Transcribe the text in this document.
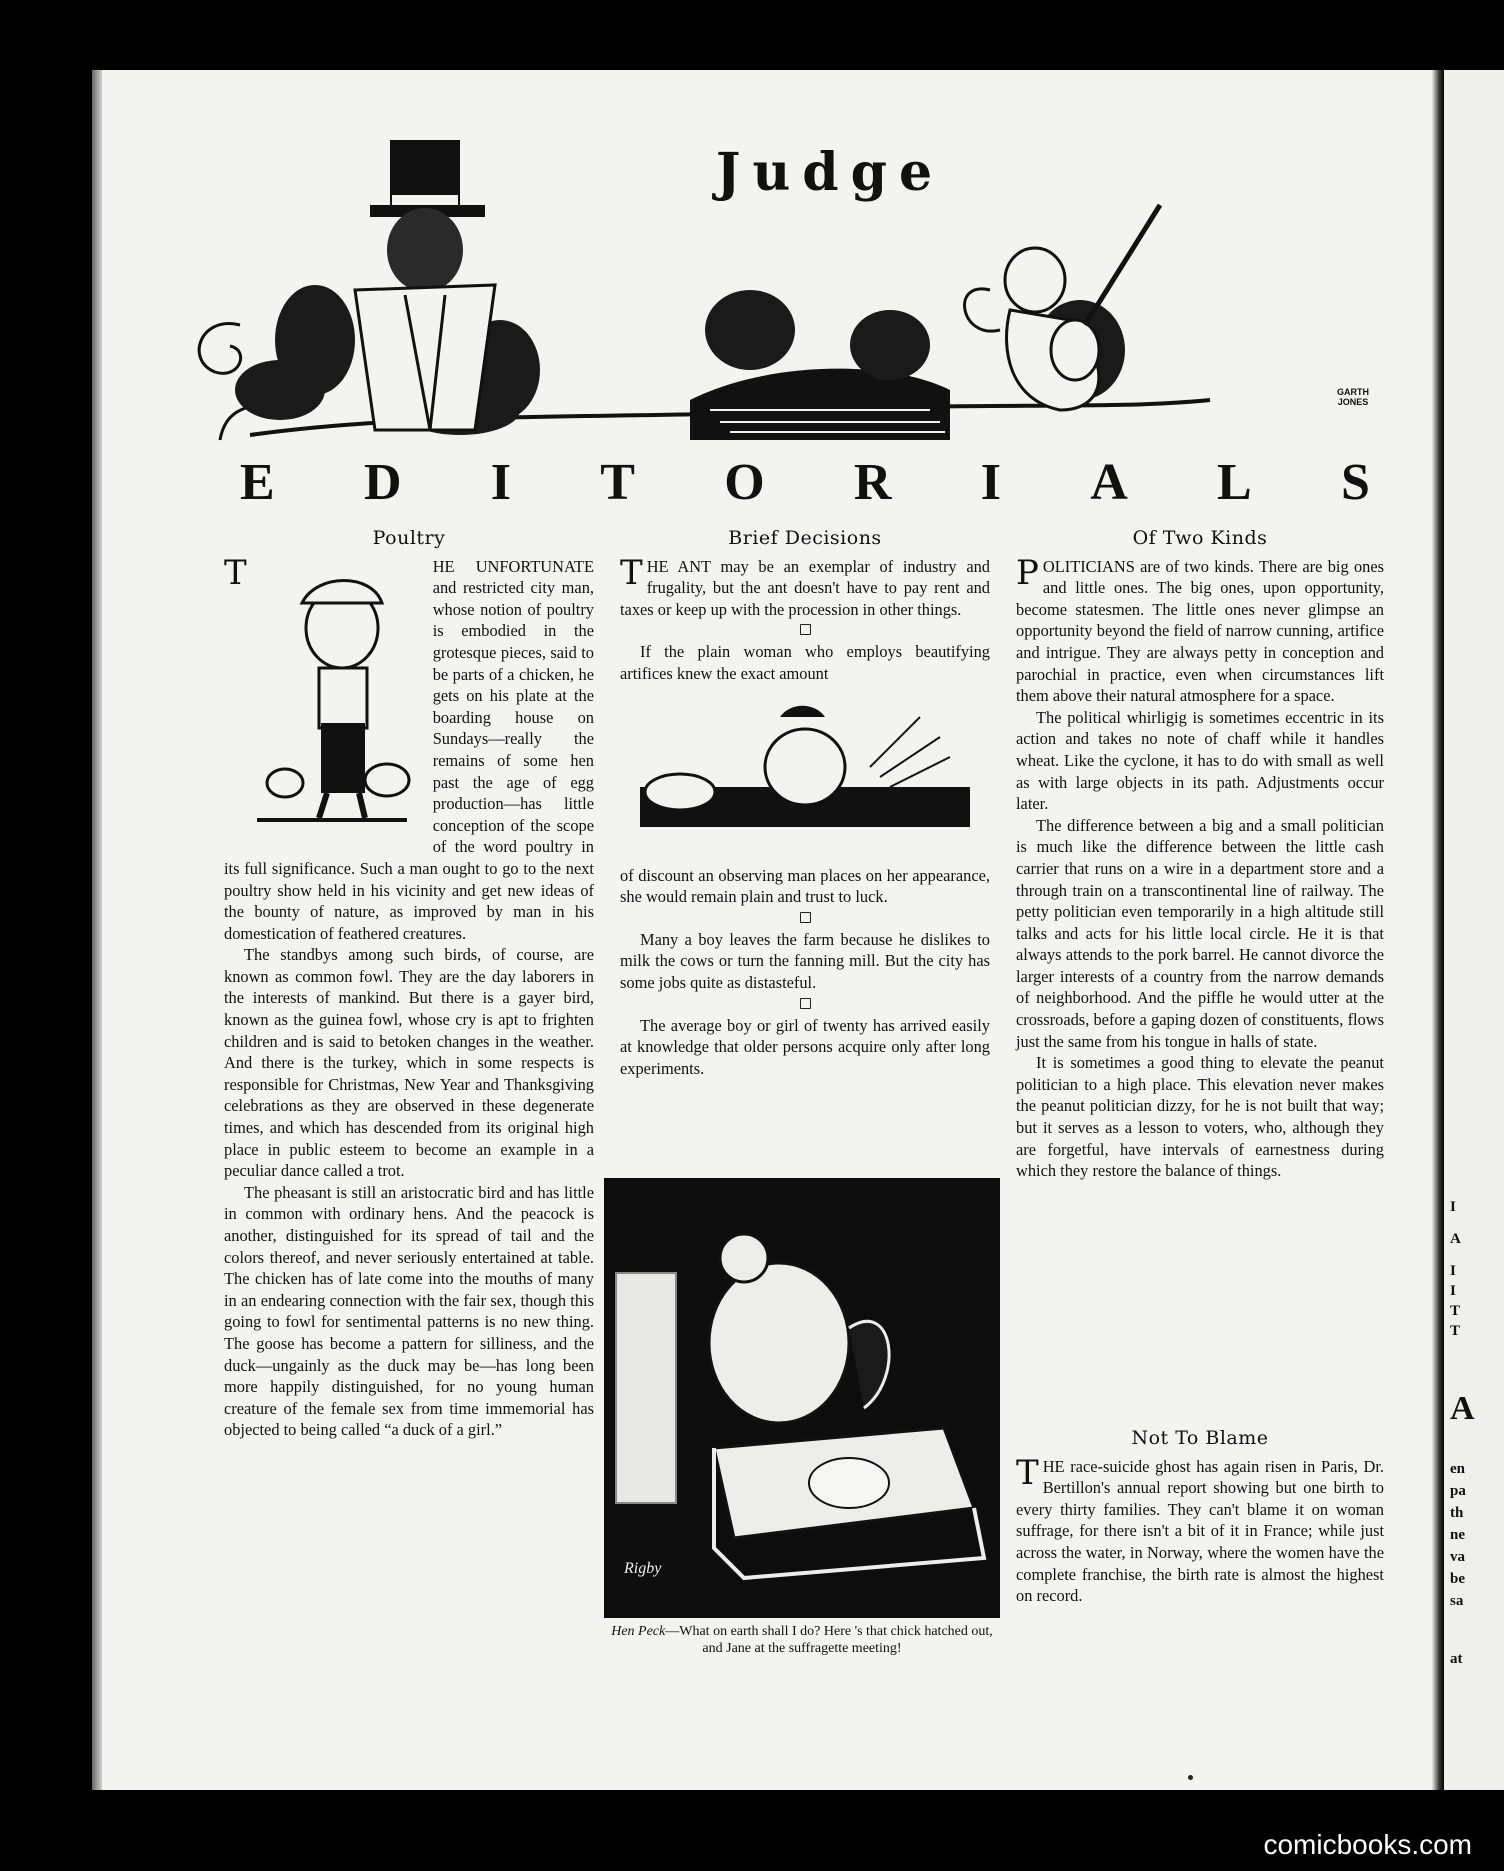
I
A
I
I
T
T
A
en
pa
th
ne
va
be
sa
at
Judge
GARTH JONES
E D I T O R I A L S
Poultry

T	HE UNFORTUNATE and restricted city man, whose notion of poultry is embodied in the grotesque pieces, said to be parts of a chicken, he gets on his plate at the boarding house on Sundays—really the remains of some hen past the age of egg production—has little conception of the scope of the word poultry in its full significance. Such a man ought to go to the next poultry show held in his vicinity and get new ideas of the bounty of nature, as improved by man in his domestication of feathered creatures.

The standbys among such birds, of course, are known as common fowl. They are the day laborers in the interests of mankind. But there is a gayer bird, known as the guinea fowl, whose cry is apt to frighten children and is said to betoken changes in the weather. And there is the turkey, which in some respects is responsible for Christmas, New Year and Thanksgiving celebrations as they are observed in these degenerate times, and which has descended from its original high place in public esteem to become an example in a peculiar dance called a trot.

The pheasant is still an aristocratic bird and has little in common with ordinary hens. And the peacock is another, distinguished for its spread of tail and the colors thereof, and never seriously entertained at table. The chicken has of late come into the mouths of many in an endearing connection with the fair sex, though this going to fowl for sentimental patterns is no new thing. The goose has become a pattern for silliness, and the duck—ungainly as the duck may be—has long been more happily distinguished, for no young human creature of the female sex from time immemorial has objected to being called “a duck of a girl.”

Brief Decisions

THE ANT may be an exemplar of industry and frugality, but the ant doesn't have to pay rent and taxes or keep up with the procession in other things.

If the plain woman who employs beautifying artifices knew the exact amount

of discount an observing man places on her appearance, she would remain plain and trust to luck.

Many a boy leaves the farm because he dislikes to milk the cows or turn the fanning mill. But the city has some jobs quite as distasteful.

The average boy or girl of twenty has arrived easily at knowledge that older persons acquire only after long experiments.

Rigby
Hen Peck—What on earth shall I do? Here 's that chick hatched out, and Jane at the suffragette meeting!
Of Two Kinds

POLITICIANS are of two kinds. There are big ones and little ones. The big ones, upon opportunity, become statesmen. The little ones never glimpse an opportunity beyond the field of narrow cunning, artifice and intrigue. They are always petty in conception and parochial in practice, even when circumstances lift them above their natural atmosphere for a space.

The political whirligig is sometimes eccentric in its action and takes no note of chaff while it handles wheat. Like the cyclone, it has to do with small as well as with large objects in its path. Adjustments occur later.

The difference between a big and a small politician is much like the difference between the little cash carrier that runs on a wire in a department store and a through train on a transcontinental line of railway. The petty politician even temporarily in a high altitude still talks and acts for his little local circle. He it is that always attends to the pork barrel. He cannot divorce the larger interests of a country from the narrow demands of neighborhood. And the piffle he would utter at the crossroads, before a gaping dozen of constituents, flows just the same from his tongue in halls of state.

It is sometimes a good thing to elevate the peanut politician to a high place. This elevation never makes the peanut politician dizzy, for he is not built that way; but it serves as a lesson to voters, who, although they are forgetful, have intervals of earnestness during which they restore the balance of things.

Not To Blame

THE race-suicide ghost has again risen in Paris, Dr. Bertillon's annual report showing but one birth to every thirty families. They can't blame it on woman suffrage, for there isn't a bit of it in France; while just across the water, in Norway, where the women have the complete franchise, the birth rate is almost the highest on record.

comicbooks.com
